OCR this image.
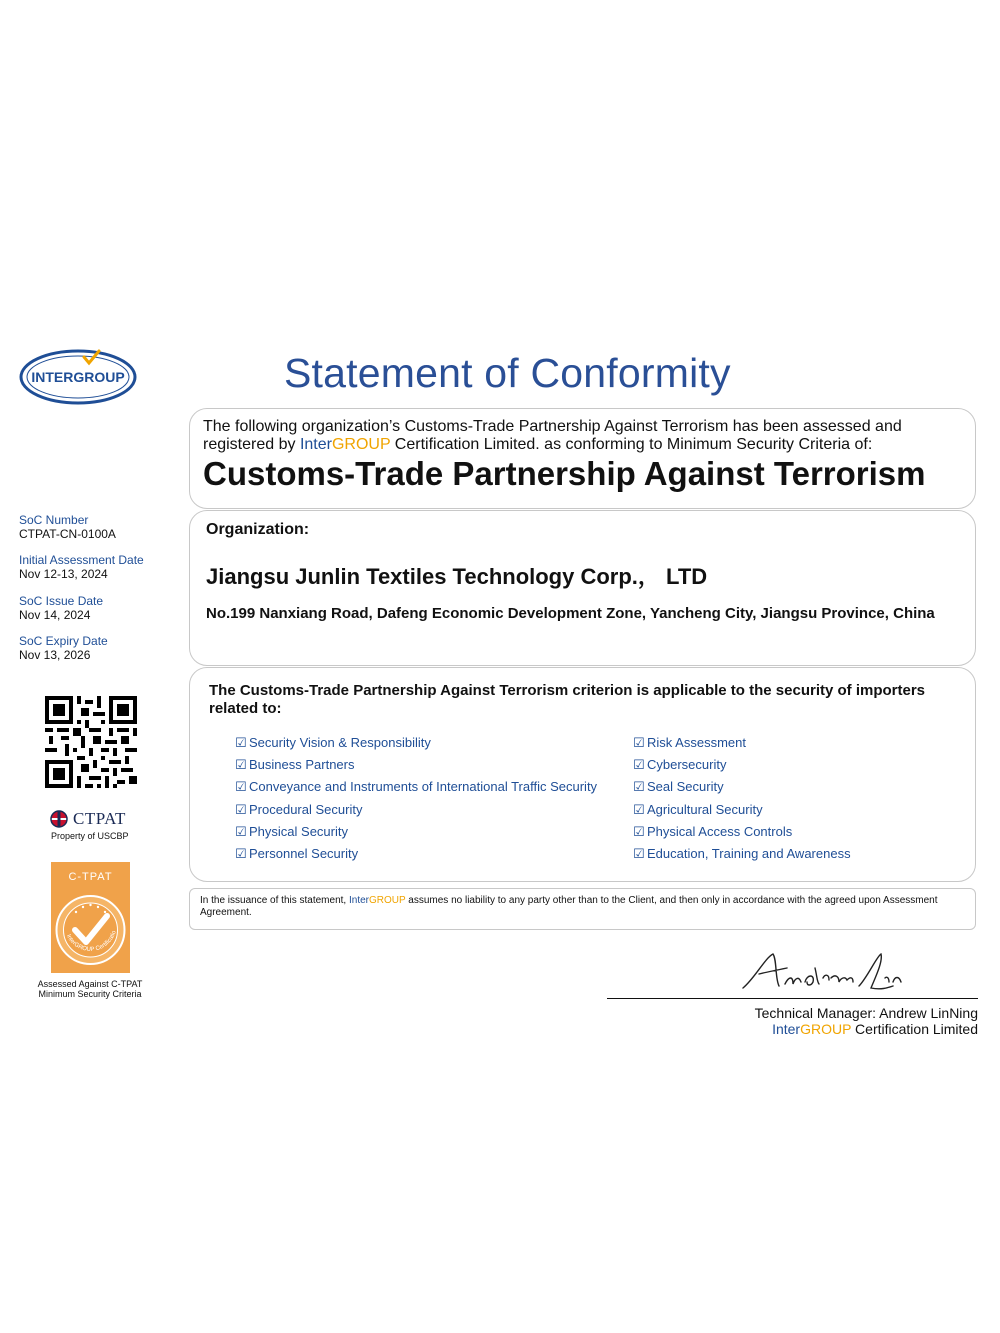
INTERGROUP	Statement of Conformity
The following organization’s Customs-Trade Partnership Against Terrorism has been assessed and
registered by InterGROUP Certification Limited. as conforming to Minimum Security Criteria of:
Customs-Trade Partnership Against Terrorism
Organization:
Jiangsu Junlin Textiles Technology Corp.， LTD
No.199 Nanxiang Road, Dafeng Economic Development Zone, Yancheng City, Jiangsu Province, China
The Customs-Trade Partnership Against Terrorism criterion is applicable to the security of importers related to:
☑ Security Vision & Responsibility
☑ Business Partners
☑ Conveyance and Instruments of International Traffic Security
☑ Procedural Security
☑ Physical Security
☑ Personnel Security
☑ Risk Assessment
☑ Cybersecurity
☑ Seal Security
☑ Agricultural Security
☑ Physical Access Controls
☑ Education, Training and Awareness
In the issuance of this statement, InterGROUP assumes no liability to any party other than to the Client, and then only in accordance with the agreed upon Assessment Agreement.
SoC Number
CTPAT-CN-0100A
Initial Assessment Date
Nov 12-13, 2024
SoC Issue Date
Nov 14, 2024
SoC Expiry Date
Nov 13, 2026
CTPAT
Property of USCBP
C-TPAT
InterGROUP Certificatio
Assessed Against C-TPAT
Minimum Security Criteria
Andrew Lin
Technical Manager: Andrew LinNing
InterGROUP Certification Limited
